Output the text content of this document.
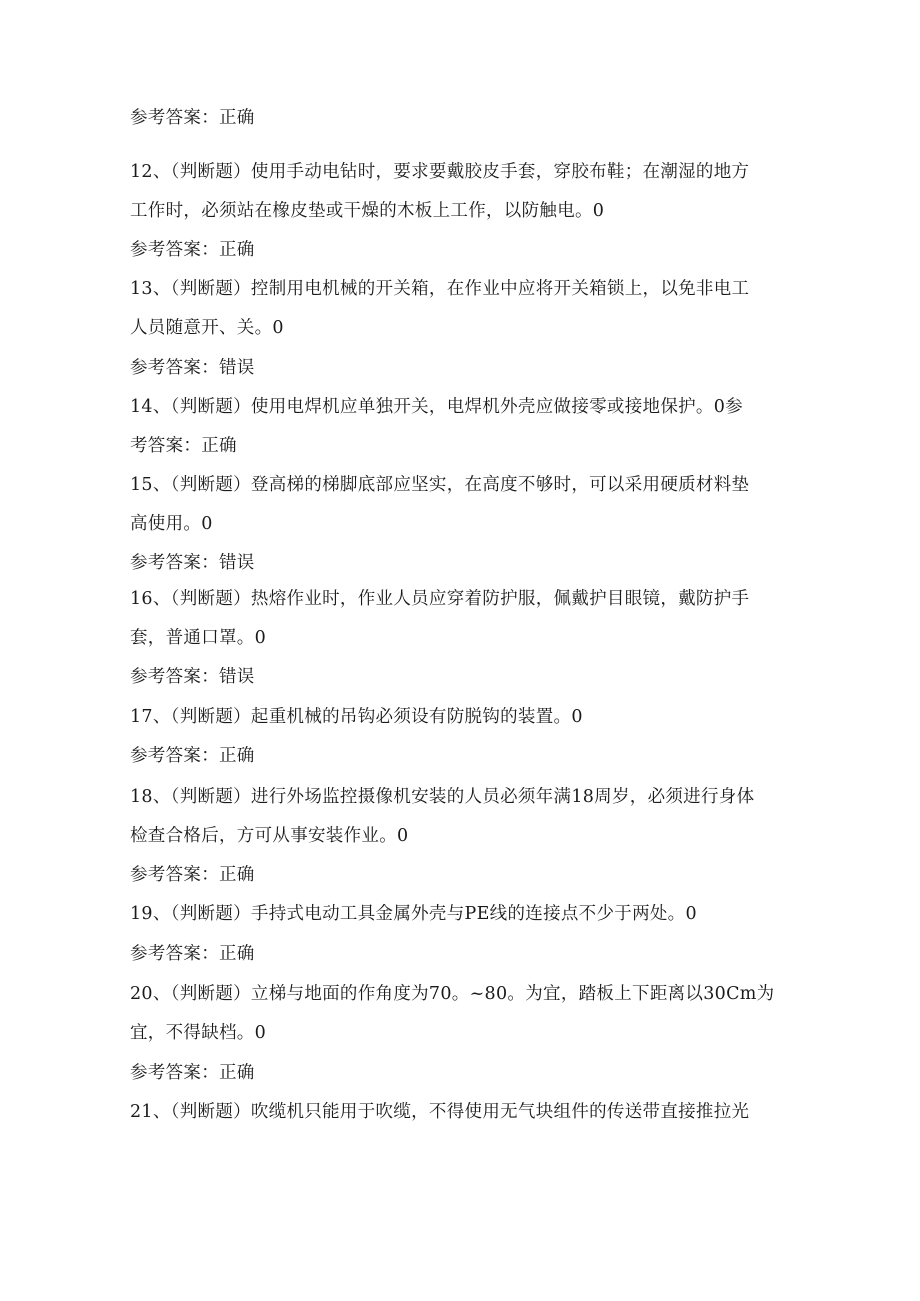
参考答案：正确
12、（判断题）使用手动电钻时，要求要戴胶皮手套，穿胶布鞋；在潮湿的地方
工作时，必须站在橡皮垫或干燥的木板上工作，以防触电。0
参考答案：正确
13、（判断题）控制用电机械的开关箱，在作业中应将开关箱锁上，以免非电工
人员随意开、关。0
参考答案：错误
14、（判断题）使用电焊机应单独开关，电焊机外壳应做接零或接地保护。0参
考答案：正确
15、（判断题）登高梯的梯脚底部应坚实，在高度不够时，可以采用硬质材料垫
高使用。0
参考答案：错误
16、（判断题）热熔作业时，作业人员应穿着防护服，佩戴护目眼镜，戴防护手
套，普通口罩。0
参考答案：错误
17、（判断题）起重机械的吊钩必须设有防脱钩的装置。0
参考答案：正确
18、（判断题）进行外场监控摄像机安装的人员必须年满18周岁，必须进行身体
检查合格后，方可从事安装作业。0
参考答案：正确
19、（判断题）手持式电动工具金属外壳与PE线的连接点不少于两处。0
参考答案：正确
20、（判断题）立梯与地面的作角度为70。~80。为宜，踏板上下距离以30Cm为
宜，不得缺档。0
参考答案：正确
21、（判断题）吹缆机只能用于吹缆，不得使用无气块组件的传送带直接推拉光
